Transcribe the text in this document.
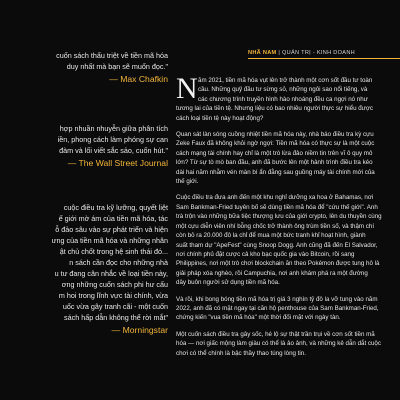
cuốn sách thấu triệt về tiền mã hóa
duy nhất mà bạn sẽ muốn đọc."
— Max Chafkin
hợp nhuần nhuyễn giữa phân tích
iền, phong cách làm phóng sự can
đàm và lối viết sắc sảo, cuốn hút."
— The Wall Street Journal
cuộc điều tra kỹ lưỡng, quyết liệt
ế giới mờ ám của tiền mã hóa, tác
ỗ đảo sâu vào sự phát triển và hiện
ưng của tiền mã hóa và những nhân
ật chủ chốt trong hệ sinh thái đó...
n sách cần đọc cho những nhà
u tư đang cân nhắc về loại tiền này,
ơng những cuốn sách phi hư cấu
m hoi trong lĩnh vực tài chính, vừa
uốc vừa gây tranh cãi - một cuốn
sách hấp dẫn không thể rời mắt"
— Morningstar
NHÃ NAM | QUẢN TRỊ - KINH DOANH
N ăm 2021, tiền mã hóa vụt lên trở thành một cơn sốt đầu tư toàn
cầu. Những quỹ đầu tư sừng sỏ, những ngôi sao nổi tiếng, và
các chương trình truyền hình hào nhoáng đều ca ngợi nó như
tương lai của tiền tệ. Nhưng liệu có bao nhiêu người thực sự hiểu được
cách loại tiền tệ này hoạt động?
Quan sát làn sóng cuồng nhiệt tiền mã hóa này, nhà báo điều tra kỳ cựu
Zeke Faux đã không khỏi ngờ ngợi: Tiền mã hóa có thực sự là một cuộc
cách mạng tài chính hay chỉ là một trò lừa đảo niềm tin trên vĩ ô quy mô
lớn? Từ sự tò mò ban đầu, anh đã bước lên một hành trình điều tra kéo
dài hai năm nhằm vén màn bí ẩn đằng sau guồng máy tài chính mới của
thế giới.
Cuộc điều tra đưa anh đến một khu nghỉ dưỡng xa hoa ở Bahamas, nơi
Sam Bankman-Fried tuyên bố sẽ dùng tiền mã hóa để "cứu thế giới". Anh
trà trộn vào những bữa tiệc thượng lưu của giới crypto, lên du thuyền cùng
một cựu diễn viên nhí bỗng chốc trở thành ông trùm tiền số, và thậm chí
còn bỏ ra 20.000 đô la chỉ để mua một bức tranh khỉ hoạt hình, giành
suất tham dự "ApeFest" cùng Snoop Dogg. Anh cũng đã đến El Salvador,
nơi chính phủ đặt cược cả kho bạc quốc gia vào Bitcoin, rồi sang
Philippines, nơi một trò chơi blockchain ăn theo Pokémon được tung hô là
giải pháp xóa nghèo, rồi Campuchia, nơi anh khám phá ra một đường
dây buôn người sử dụng tiền mã hóa.
Và rồi, khi bong bóng tiền mã hóa trị giá 3 nghìn tỷ đô la vỡ tung vào năm
2022, anh đã có mặt ngay tại căn hộ penthouse của Sam Bankman-Fried,
chứng kiến "vua tiền mã hóa" một thời đối mặt với ngày tàn.
Một cuốn sách điều tra gây sốc, hé lộ sự thật trần trụi về cơn sốt tiền mã
hóa — nơi giấc mộng làm giàu có thể là ảo ảnh, và những kẻ dẫn dắt cuộc
chơi có thể chính là bậc thầy thao túng lòng tin.
